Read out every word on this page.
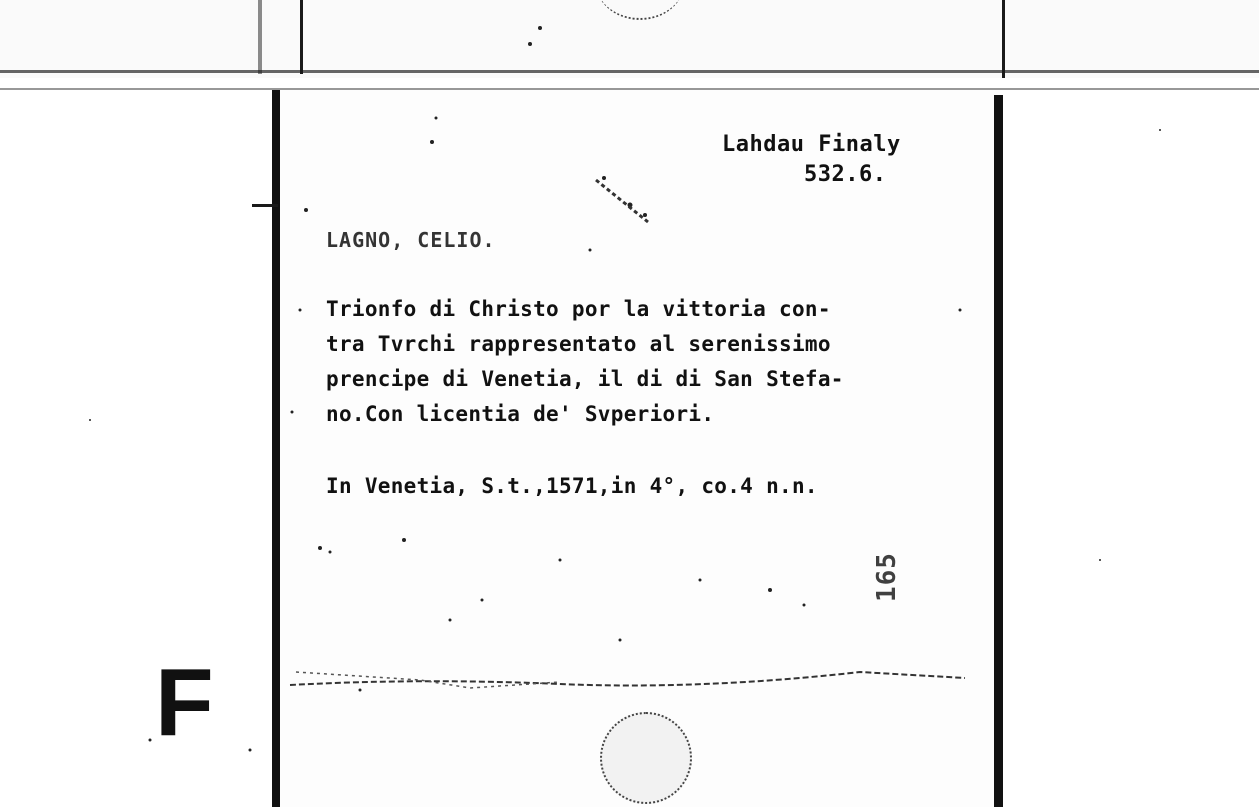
Lahdau Finaly
532.6.
LAGNO, CELIO.
Trionfo di Christo por la vittoria con-
tra Tvrchi rappresentato al serenissimo
prencipe di Venetia, il di di San Stefa-
no.Con licentia de' Svperiori.
In Venetia, S.t.,1571,in 4°, co.4 n.n.
165
F
